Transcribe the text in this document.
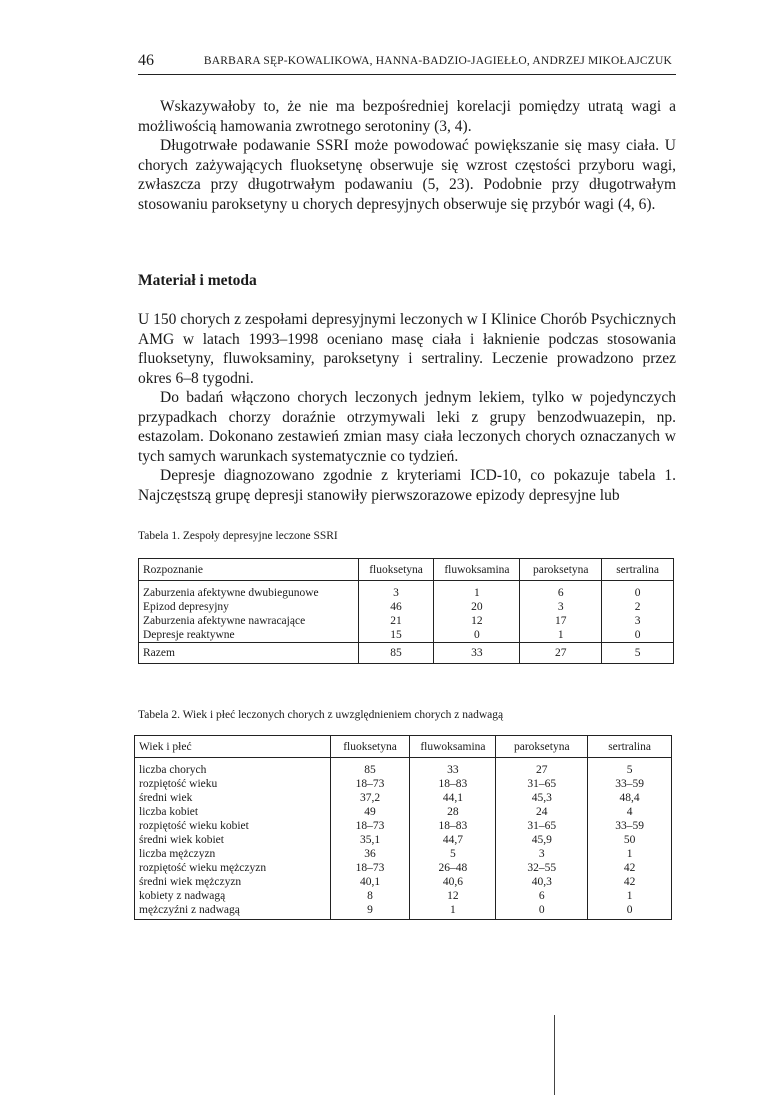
46	BARBARA SĘP-KOWALIKOWA, HANNA-BADZIO-JAGIEŁŁO, ANDRZEJ MIKOŁAJCZUK

Wskazywałoby to, że nie ma bezpośredniej korelacji pomiędzy utratą wagi a możliwością hamowania zwrotnego serotoniny (3, 4).

Długotrwałe podawanie SSRI może powodować powiększanie się masy ciała. U chorych zażywających fluoksetynę obserwuje się wzrost częstości przyboru wagi, zwłaszcza przy długotrwałym podawaniu (5, 23). Podobnie przy długotrwałym stosowaniu paroksetyny u chorych depresyjnych obserwuje się przybór wagi (4, 6).

Materiał i metoda

U 150 chorych z zespołami depresyjnymi leczonych w I Klinice Chorób Psychicznych AMG w latach 1993–1998 oceniano masę ciała i łaknienie podczas stosowania fluoksetyny, fluwoksaminy, paroksetyny i sertraliny. Leczenie prowadzono przez okres 6–8 tygodni.

Do badań włączono chorych leczonych jednym lekiem, tylko w pojedynczych przypadkach chorzy doraźnie otrzymywali leki z grupy benzodwuazepin, np. estazolam. Dokonano zestawień zmian masy ciała leczonych chorych oznaczanych w tych samych warunkach systematycznie co tydzień.

Depresje diagnozowano zgodnie z kryteriami ICD-10, co pokazuje tabela 1. Najczęstszą grupę depresji stanowiły pierwszorazowe epizody depresyjne lub

Tabela 1. Zespoły depresyjne leczone SSRI
Rozpoznanie	fluoksetyna	fluwoksamina	paroksetyna	sertralina
Zaburzenia afektywne dwubiegunowe	3	1	6	0
Epizod depresyjny	46	20	3	2
Zaburzenia afektywne nawracające	21	12	17	3
Depresje reaktywne	15	0	1	0
Razem	85	33	27	5
Tabela 2. Wiek i płeć leczonych chorych z uwzględnieniem chorych z nadwagą
Wiek i płeć	fluoksetyna	fluwoksamina	paroksetyna	sertralina
liczba chorych	85	33	27	5
rozpiętość wieku	18–73	18–83	31–65	33–59
średni wiek	37,2	44,1	45,3	48,4
liczba kobiet	49	28	24	4
rozpiętość wieku kobiet	18–73	18–83	31–65	33–59
średni wiek kobiet	35,1	44,7	45,9	50
liczba mężczyzn	36	5	3	1
rozpiętość wieku mężczyzn	18–73	26–48	32–55	42
średni wiek mężczyzn	40,1	40,6	40,3	42
kobiety z nadwagą	8	12	6	1
mężczyźni z nadwagą	9	1	0	0
